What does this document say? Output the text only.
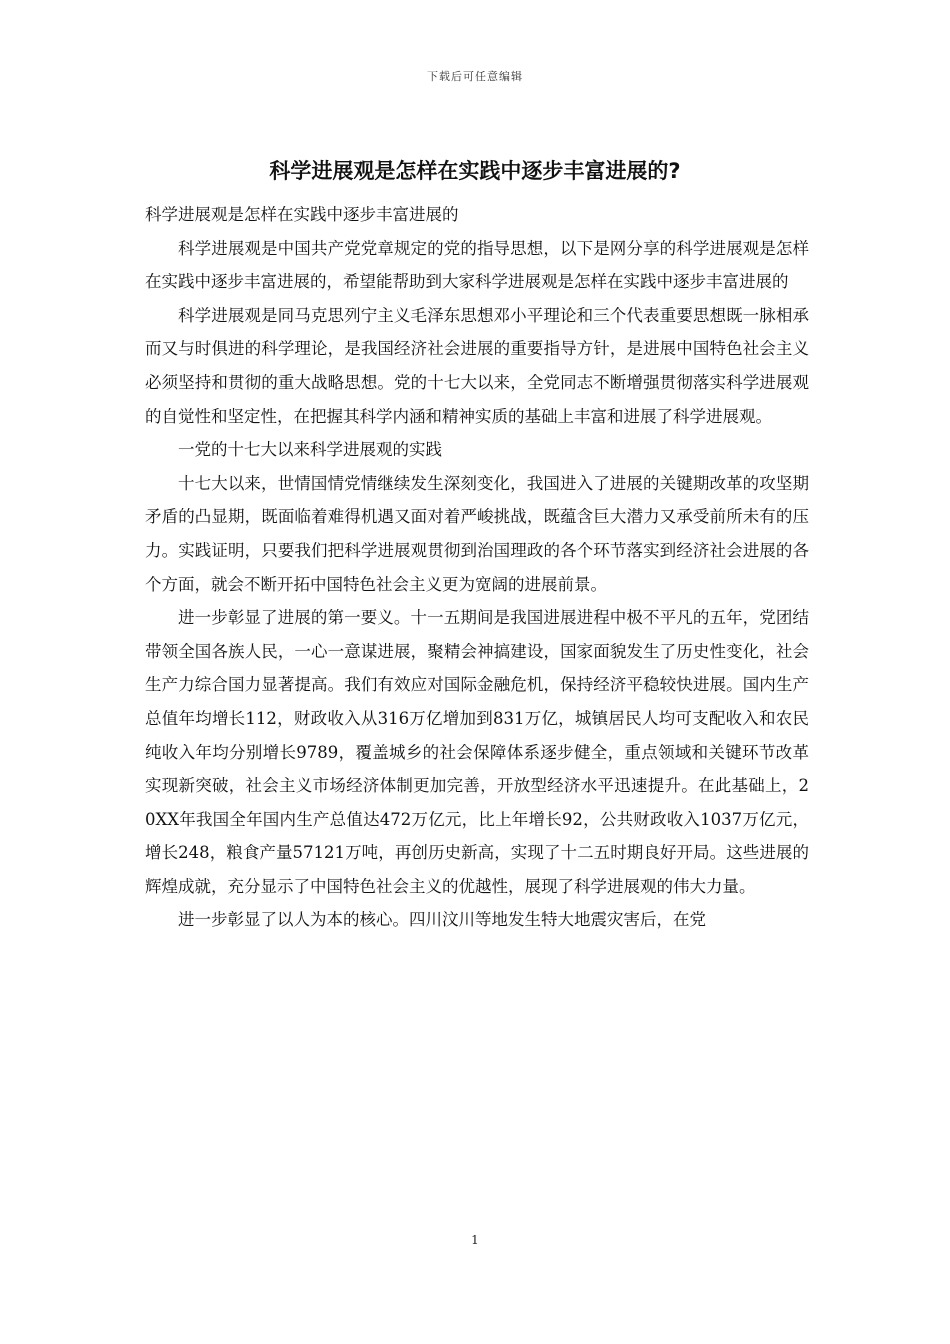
下载后可任意编辑
科学进展观是怎样在实践中逐步丰富进展的?

科学进展观是怎样在实践中逐步丰富进展的

科学进展观是中国共产党党章规定的党的指导思想，以下是网分享的科学进展观是怎样在实践中逐步丰富进展的，希望能帮助到大家科学进展观是怎样在实践中逐步丰富进展的

科学进展观是同马克思列宁主义毛泽东思想邓小平理论和三个代表重要思想既一脉相承而又与时俱进的科学理论，是我国经济社会进展的重要指导方针，是进展中国特色社会主义必须坚持和贯彻的重大战略思想。党的十七大以来，全党同志不断增强贯彻落实科学进展观的自觉性和坚定性，在把握其科学内涵和精神实质的基础上丰富和进展了科学进展观。

一党的十七大以来科学进展观的实践

十七大以来，世情国情党情继续发生深刻变化，我国进入了进展的关键期改革的攻坚期矛盾的凸显期，既面临着难得机遇又面对着严峻挑战，既蕴含巨大潜力又承受前所未有的压力。实践证明，只要我们把科学进展观贯彻到治国理政的各个环节落实到经济社会进展的各个方面，就会不断开拓中国特色社会主义更为宽阔的进展前景。

进一步彰显了进展的第一要义。十一五期间是我国进展进程中极不平凡的五年，党团结带领全国各族人民，一心一意谋进展，聚精会神搞建设，国家面貌发生了历史性变化，社会生产力综合国力显著提高。我们有效应对国际金融危机，保持经济平稳较快进展。国内生产总值年均增长112，财政收入从316万亿增加到831万亿，城镇居民人均可支配收入和农民纯收入年均分别增长9789，覆盖城乡的社会保障体系逐步健全，重点领域和关键环节改革实现新突破，社会主义市场经济体制更加完善，开放型经济水平迅速提升。在此基础上，20XX年我国全年国内生产总值达472万亿元，比上年增长92，公共财政收入1037万亿元，增长248，粮食产量57121万吨，再创历史新高，实现了十二五时期良好开局。这些进展的辉煌成就，充分显示了中国特色社会主义的优越性，展现了科学进展观的伟大力量。

进一步彰显了以人为本的核心。四川汶川等地发生特大地震灾害后，在党

1
